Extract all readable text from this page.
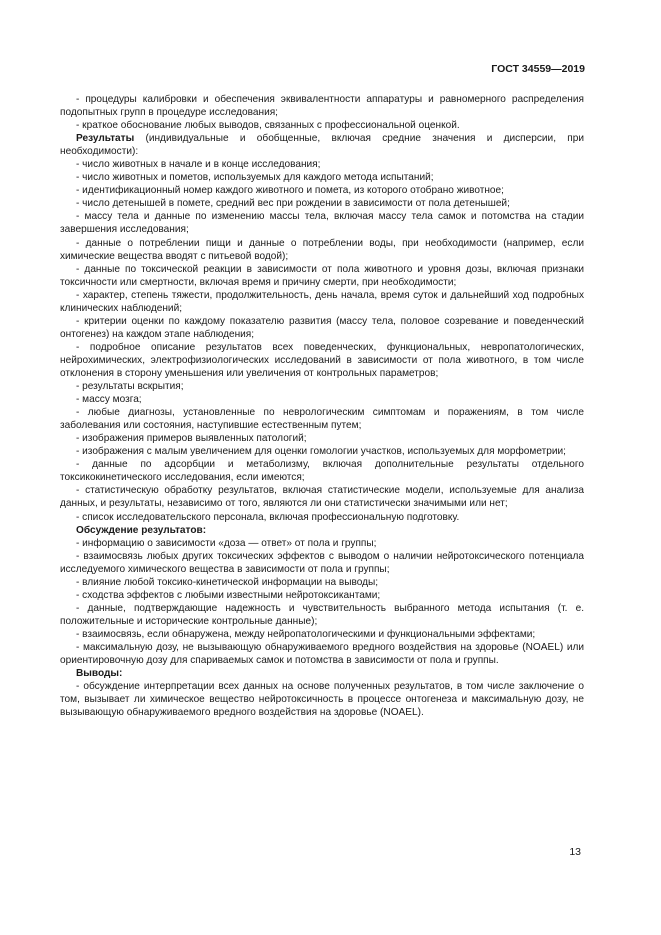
ГОСТ 34559—2019

- процедуры калибровки и обеспечения эквивалентности аппаратуры и равномерного распределения подопытных групп в процедуре исследования;

- краткое обоснование любых выводов, связанных с профессиональной оценкой.

Результаты (индивидуальные и обобщенные, включая средние значения и дисперсии, при необходимости):

- число животных в начале и в конце исследования;

- число животных и пометов, используемых для каждого метода испытаний;

- идентификационный номер каждого животного и помета, из которого отобрано животное;

- число детенышей в помете, средний вес при рождении в зависимости от пола детенышей;

- массу тела и данные по изменению массы тела, включая массу тела самок и потомства на стадии завершения исследования;

- данные о потреблении пищи и данные о потреблении воды, при необходимости (например, если химические вещества вводят с питьевой водой);

- данные по токсической реакции в зависимости от пола животного и уровня дозы, включая признаки токсичности или смертности, включая время и причину смерти, при необходимости;

- характер, степень тяжести, продолжительность, день начала, время суток и дальнейший ход подробных клинических наблюдений;

- критерии оценки по каждому показателю развития (массу тела, половое созревание и поведенческий онтогенез) на каждом этапе наблюдения;

- подробное описание результатов всех поведенческих, функциональных, невропатологических, нейрохимических, электрофизиологических исследований в зависимости от пола животного, в том числе отклонения в сторону уменьшения или увеличения от контрольных параметров;

- результаты вскрытия;

- массу мозга;

- любые диагнозы, установленные по неврологическим симптомам и поражениям, в том числе заболевания или состояния, наступившие естественным путем;

- изображения примеров выявленных патологий;

- изображения с малым увеличением для оценки гомологии участков, используемых для морфометрии;

- данные по адсорбции и метаболизму, включая дополнительные результаты отдельного токсикокинетического исследования, если имеются;

- статистическую обработку результатов, включая статистические модели, используемые для анализа данных, и результаты, независимо от того, являются ли они статистически значимыми или нет;

- список исследовательского персонала, включая профессиональную подготовку.

Обсуждение результатов:

- информацию о зависимости «доза — ответ» от пола и группы;

- взаимосвязь любых других токсических эффектов с выводом о наличии нейротоксического потенциала исследуемого химического вещества в зависимости от пола и группы;

- влияние любой токсико-кинетической информации на выводы;

- сходства эффектов с любыми известными нейротоксикантами;

- данные, подтверждающие надежность и чувствительность выбранного метода испытания (т. е. положительные и исторические контрольные данные);

- взаимосвязь, если обнаружена, между нейропатологическими и функциональными эффектами;

- максимальную дозу, не вызывающую обнаруживаемого вредного воздействия на здоровье (NOAEL) или ориентировочную дозу для спариваемых самок и потомства в зависимости от пола и группы.

Выводы:

- обсуждение интерпретации всех данных на основе полученных результатов, в том числе заключение о том, вызывает ли химическое вещество нейротоксичность в процессе онтогенеза и максимальную дозу, не вызывающую обнаруживаемого вредного воздействия на здоровье (NOAEL).

13
